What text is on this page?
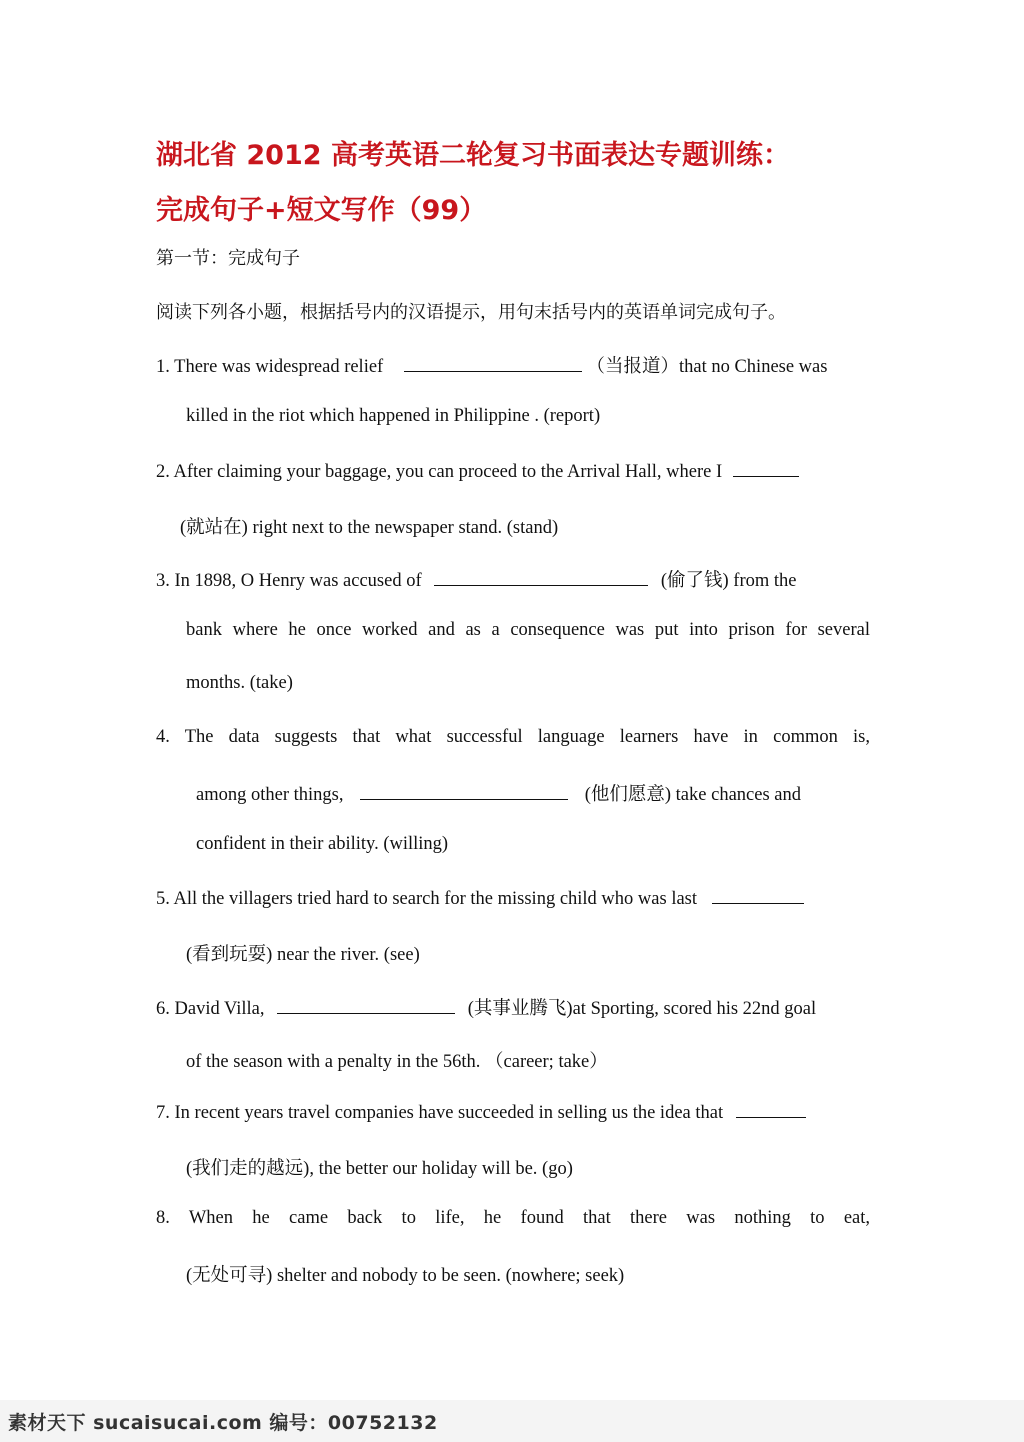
湖北省 2012 高考英语二轮复习书面表达专题训练：
完成句子+短文写作（99）
第一节：完成句子
阅读下列各小题，根据括号内的汉语提示，用句末括号内的英语单词完成句子。
1. There was widespread relief	（当报道）that no Chinese was
killed in the riot which happened in Philippine . (report)
2. After claiming your baggage, you can proceed to the Arrival Hall, where I
(就站在) right next to the newspaper stand. (stand)
3. In 1898, O Henry was accused of	(偷了钱) from the
bank where he once worked and as a consequence was put into prison for several
months. (take)
4. The data suggests that what successful language learners have in common is,
among other things,	(他们愿意) take chances and
confident in their ability. (willing)
5. All the villagers tried hard to search for the missing child who was last
(看到玩耍) near the river. (see)
6. David Villa,	(其事业腾飞)at Sporting, scored his 22nd goal
of the season with a penalty in the 56th. （career; take）
7. In recent years travel companies have succeeded in selling us the idea that
(我们走的越远), the better our holiday will be. (go)
8. When he came back to life, he found that there was nothing to eat,
(无处可寻) shelter and nobody to be seen. (nowhere; seek)
素材天下 sucaisucai.com 编号：00752132
